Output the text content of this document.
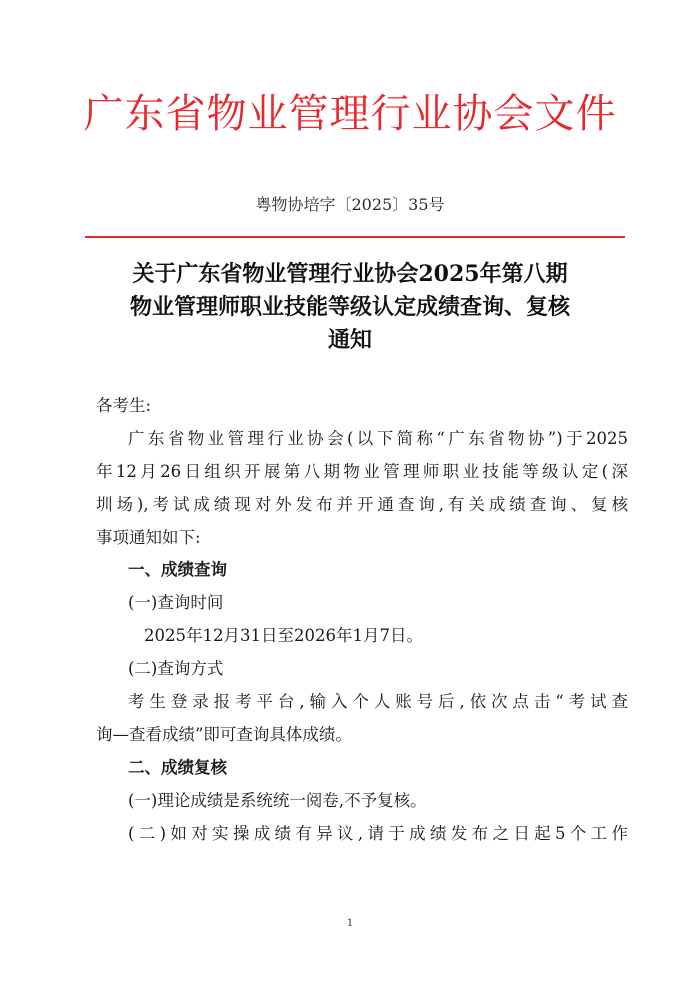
广东省物业管理行业协会文件
粤物协培字〔2025〕35号
关于广东省物业管理行业协会2025年第八期
物业管理师职业技能等级认定成绩查询、复核
通知
各考生:
广东省物业管理行业协会(以下简称“广东省物协”)于2025
年12月26日组织开展第八期物业管理师职业技能等级认定(深
圳场),考试成绩现对外发布并开通查询,有关成绩查询、复核
事项通知如下:
一、成绩查询
(一)查询时间
2025年12月31日至2026年1月7日。
(二)查询方式
考生登录报考平台,输入个人账号后,依次点击“考试查
询—查看成绩”即可查询具体成绩。
二、成绩复核
(一)理论成绩是系统统一阅卷,不予复核。
(二)如对实操成绩有异议,请于成绩发布之日起5个工作
1
